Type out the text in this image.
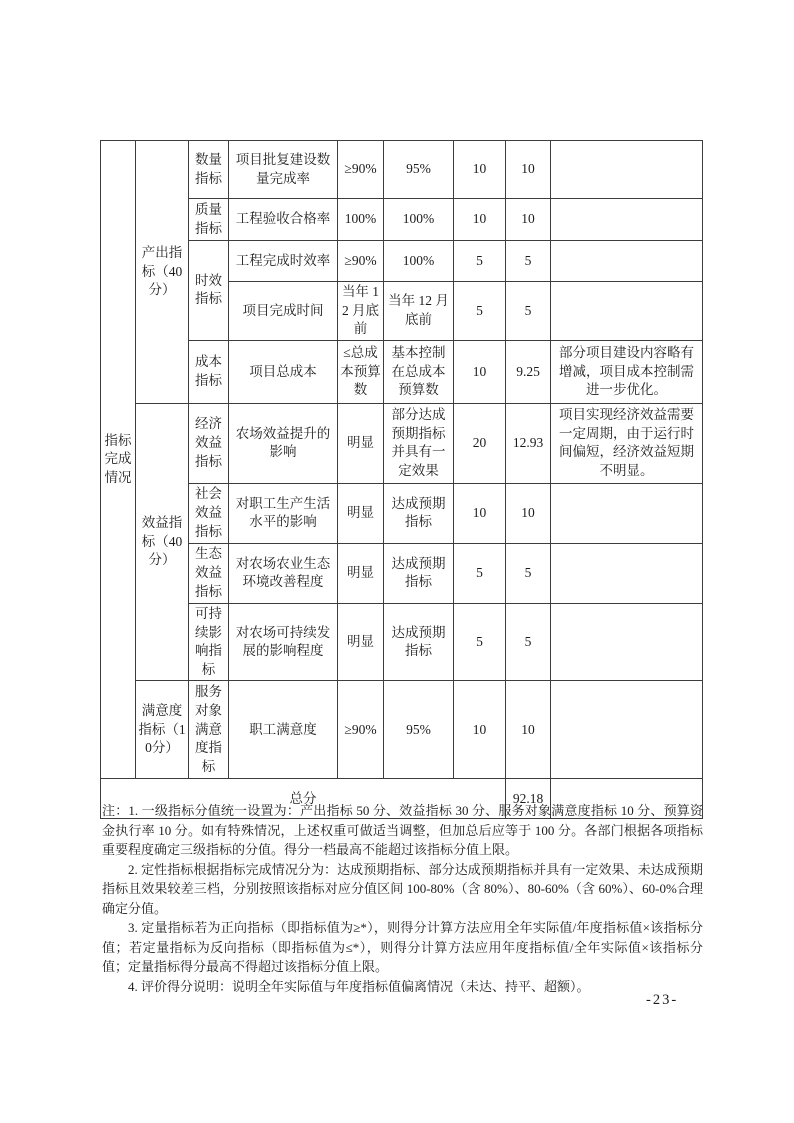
指标完成情况	产出指标（40分）	数量指标	项目批复建设数量完成率	≥90%	95%	10	10	
		质量指标	工程验收合格率	100%	100%	10	10	
		时效指标	工程完成时效率	≥90%	100%	5	5	
			项目完成时间	当年 12 月底前	当年 12 月底前	5	5	
		成本指标	项目总成本	≤总成本预算数	基本控制在总成本预算数	10	9.25	部分项目建设内容略有增减，项目成本控制需进一步优化。
	效益指标（40分）	经济效益指标	农场效益提升的影响	明显	部分达成预期指标并具有一定效果	20	12.93	项目实现经济效益需要一定周期，由于运行时间偏短，经济效益短期不明显。
		社会效益指标	对职工生产生活水平的影响	明显	达成预期指标	10	10	
		生态效益指标	对农场农业生态环境改善程度	明显	达成预期指标	5	5	
		可持续影响指标	对农场可持续发展的影响程度	明显	达成预期指标	5	5	
	满意度指标（10分）	服务对象满意度指标	职工满意度	≥90%	95%	10	10	
总分							92.18	

注：1. 一级指标分值统一设置为：产出指标 50 分、效益指标 30 分、服务对象满意度指标 10 分、预算资金执行率 10 分。如有特殊情况，上述权重可做适当调整，但加总后应等于 100 分。各部门根据各项指标重要程度确定三级指标的分值。得分一档最高不能超过该指标分值上限。

2. 定性指标根据指标完成情况分为：达成预期指标、部分达成预期指标并具有一定效果、未达成预期指标且效果较差三档，分别按照该指标对应分值区间 100-80%（含 80%）、80-60%（含 60%）、60-0%合理确定分值。

3. 定量指标若为正向指标（即指标值为≥*），则得分计算方法应用全年实际值/年度指标值×该指标分值；若定量指标为反向指标（即指标值为≤*），则得分计算方法应用年度指标值/全年实际值×该指标分值；定量指标得分最高不得超过该指标分值上限。

4. 评价得分说明：说明全年实际值与年度指标值偏离情况（未达、持平、超额）。

-23-
